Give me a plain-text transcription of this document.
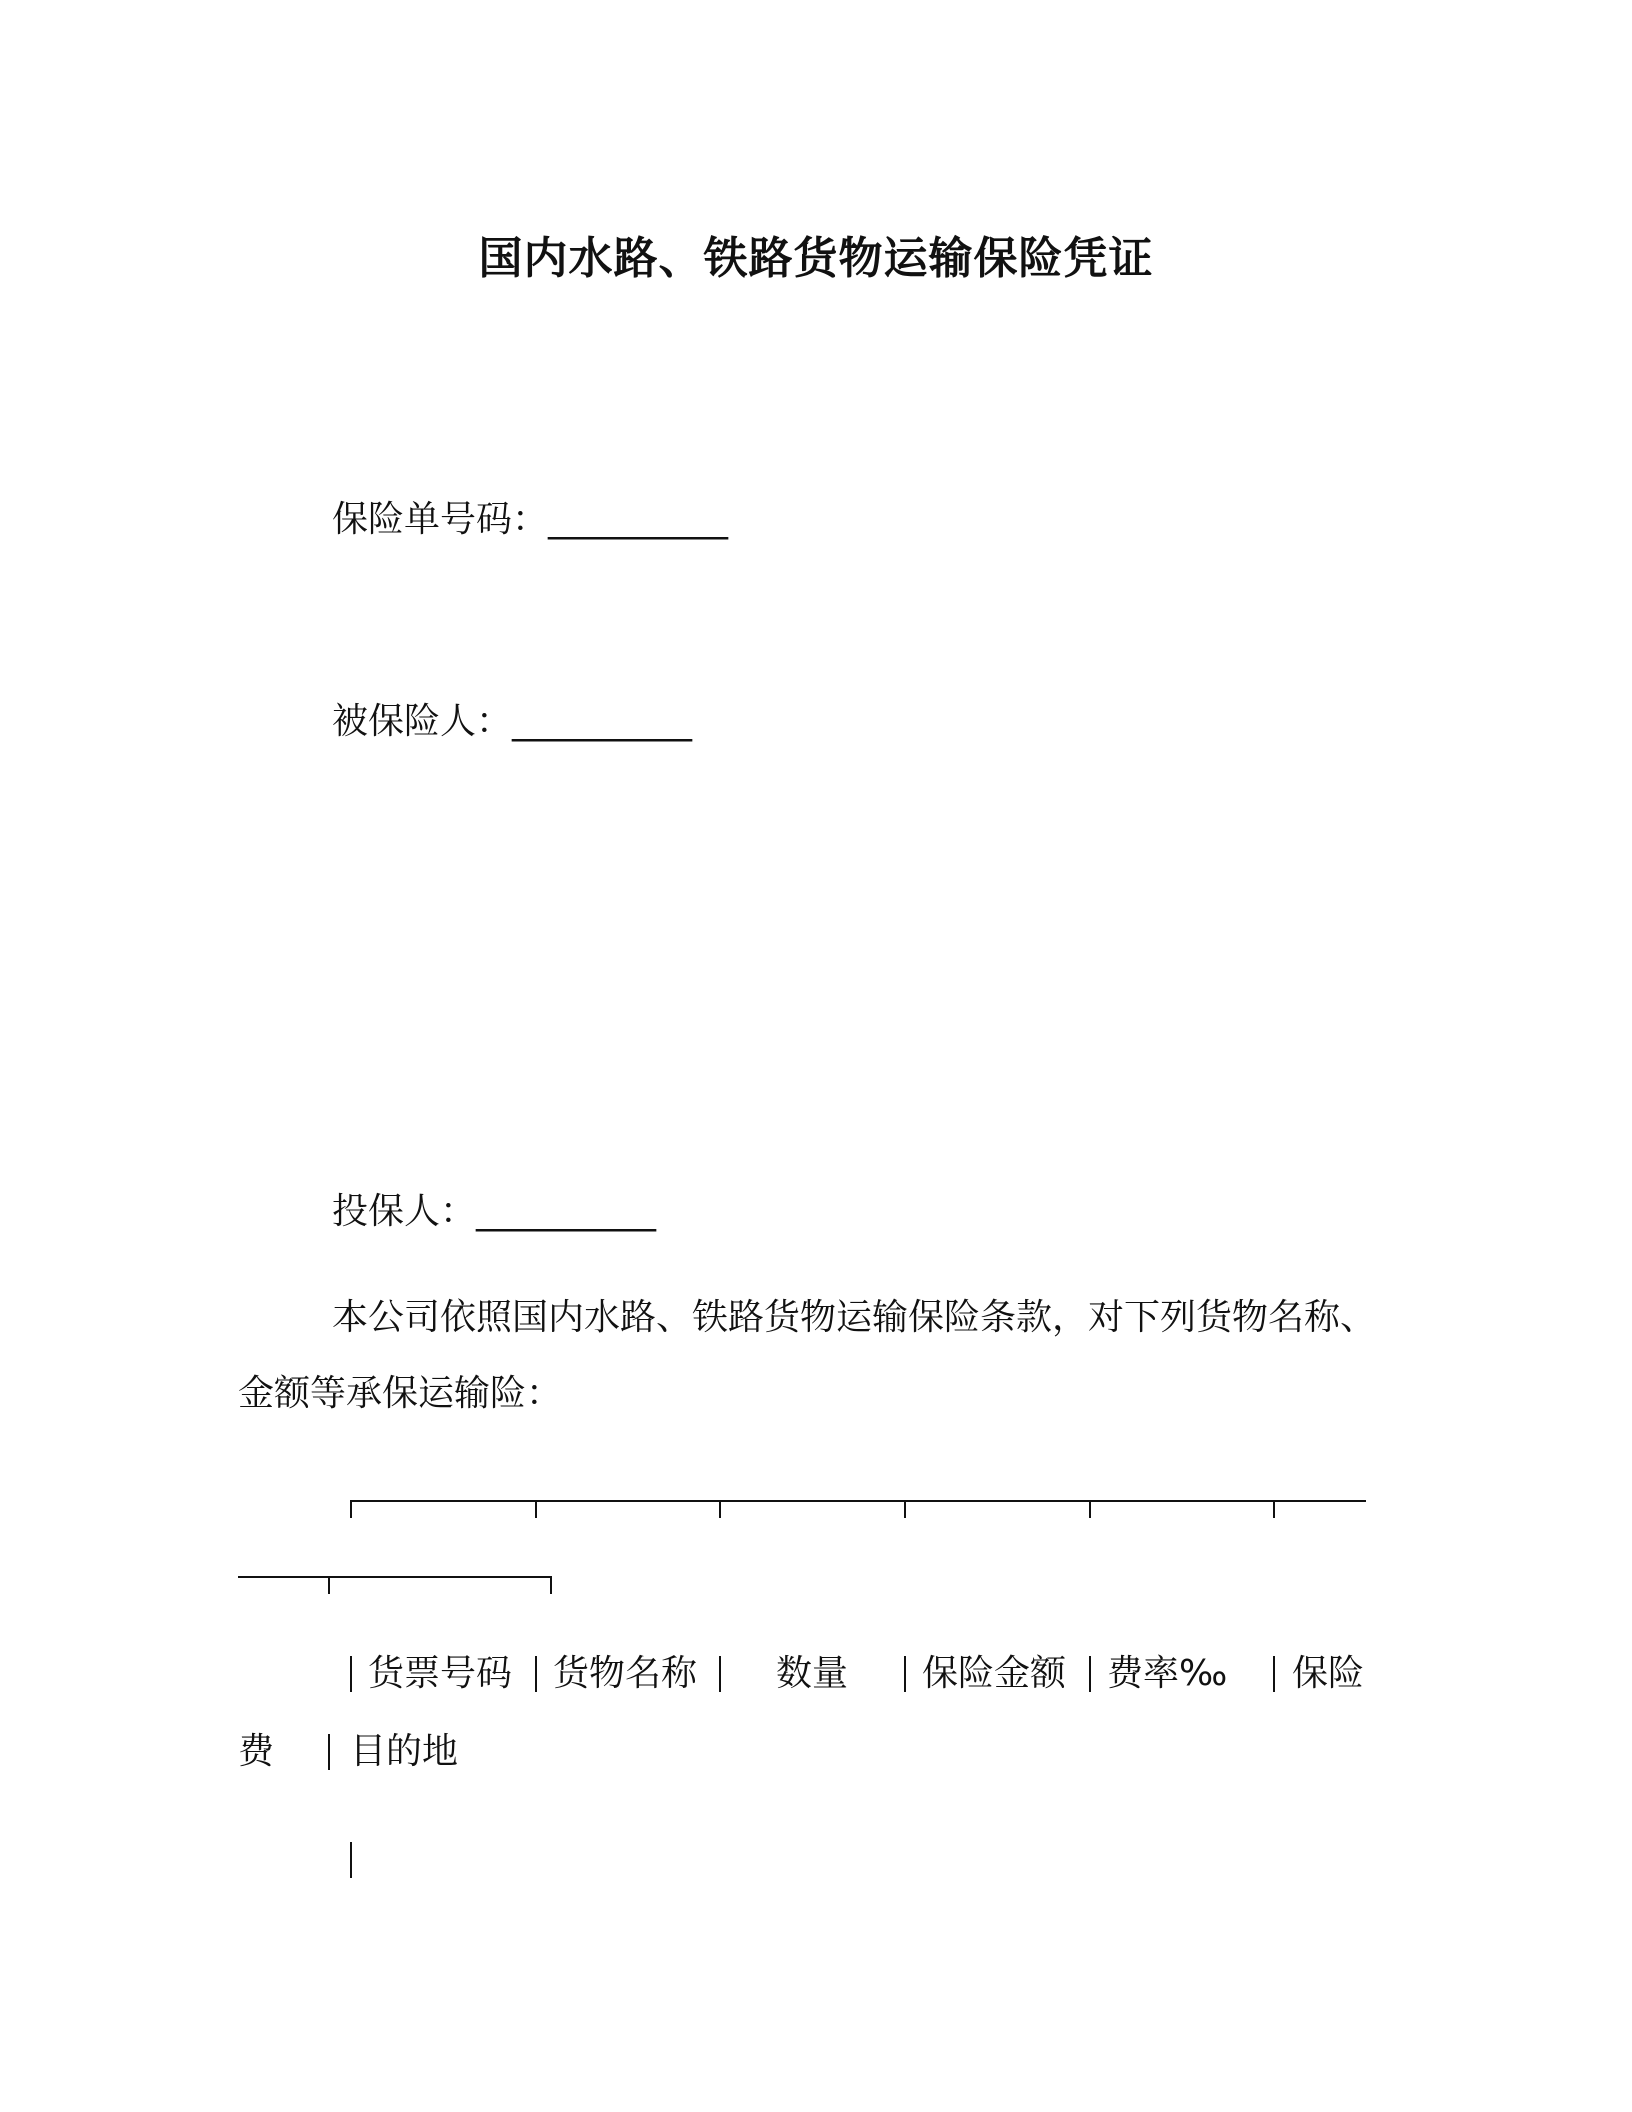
国内水路、铁路货物运输保险凭证
保险单号码：__________
被保险人：__________
投保人：__________
本公司依照国内水路、铁路货物运输保险条款，对下列货物名称、
金额等承保运输险：
货票号码 货物名称 数量 保险金额 费率‰ 保险
费 目的地
